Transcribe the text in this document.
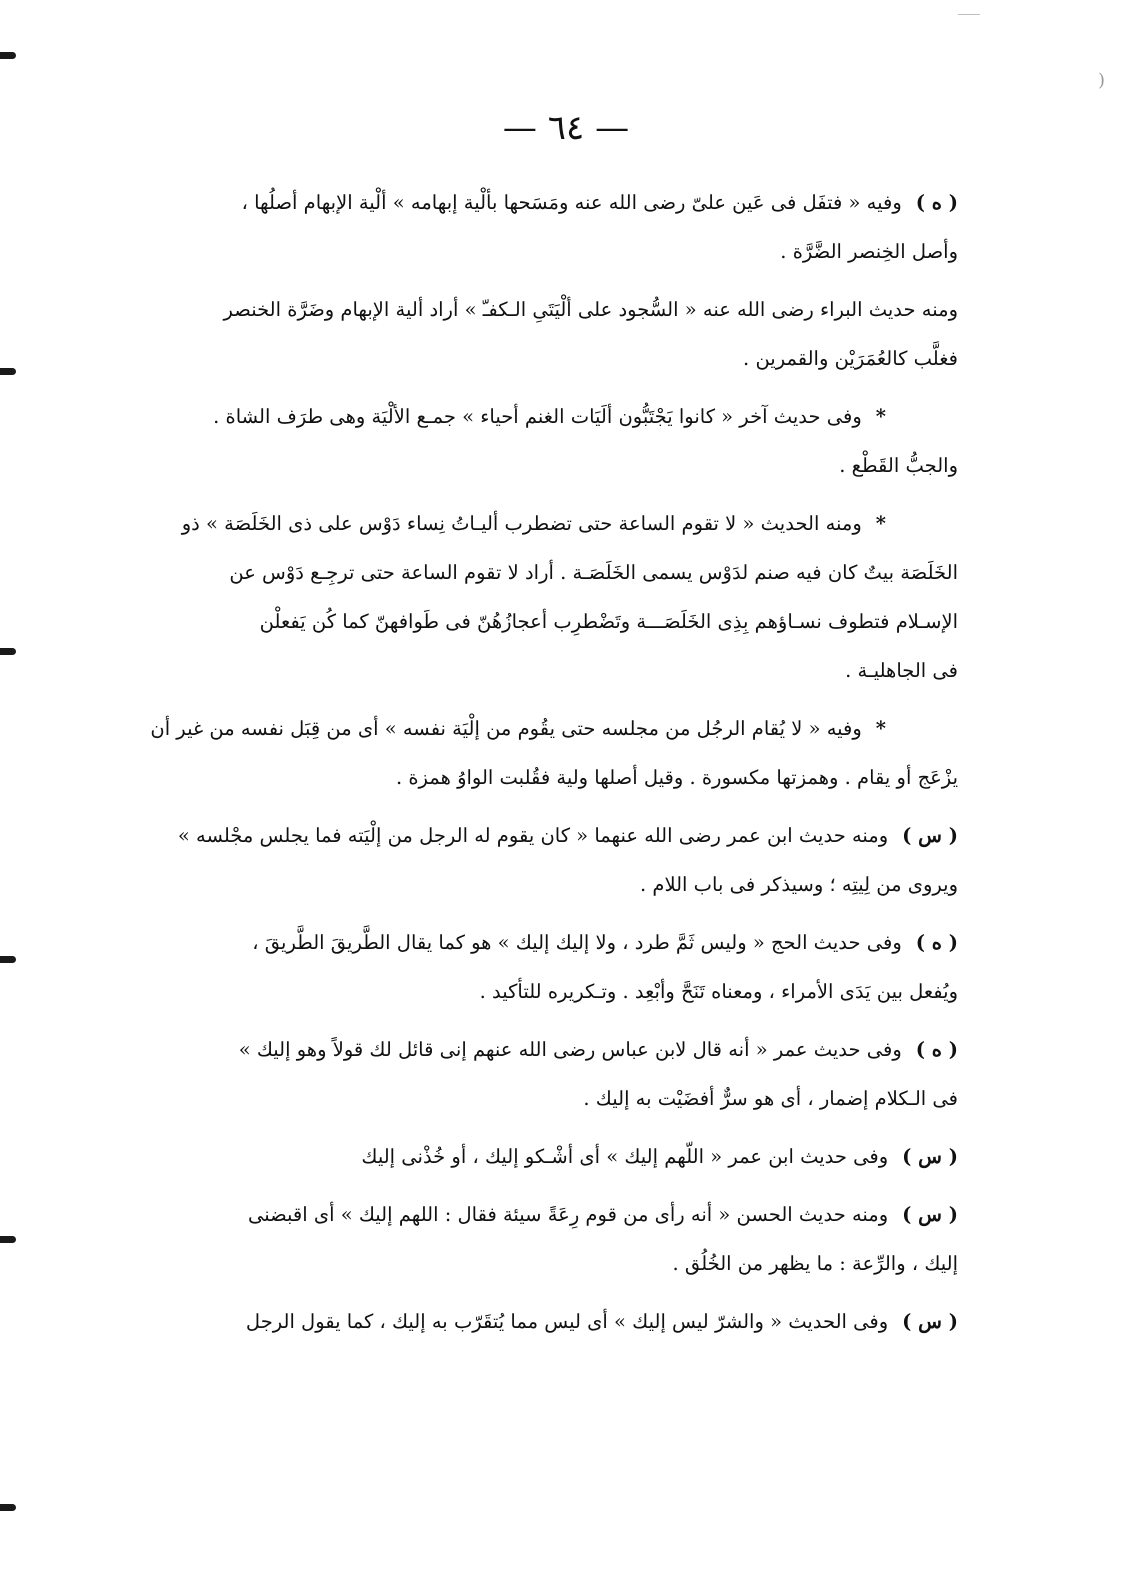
)
— ٦٤ —

( ه )وفيه « فتفَل فى عَين علىّ رضى الله عنه ومَسَحها بألْية إبهامه » ألْية الإبهام أصلُها ،
وأصل الخِنصر الضَّرَّة .

ومنه حديث البراء رضى الله عنه « السُّجود على ألْيَتَىِ الـكفـّ » أراد ألية الإبهام وضَرَّة الخنصر
فغلَّب كالعُمَرَيْن والقمرين .

*وفى حديث آخر « كانوا يَجْتَبُّون ألَيَات الغنم أحياء » جمـع الألْيَة وهى طرَف الشاة .
والجبُّ القَطْع .

*ومنه الحديث « لا تقوم الساعة حتى تضطرب أليـاتُ نِساء دَوْس على ذى الخَلَصَة » ذو
الخَلَصَة بيتٌ كان فيه صنم لدَوْس يسمى الخَلَصَـة . أراد لا تقوم الساعة حتى ترجِـع دَوْس عن
الإسـلام فتطوف نسـاؤهم بِذِى الخَلَصَـــة وتَضْطرِب أعجازُهُنّ فى طَوافهنّ كما كُن يَفعلْن
فى الجاهليـة .

*وفيه « لا يُقام الرجُل من مجلسه حتى يقُوم من إلْيَة نفسه » أى من قِبَل نفسه من غير أن
يزْعَج أو يقام . وهمزتها مكسورة . وقيل أصلها ولية فقُلبت الواوُ همزة .

( س )ومنه حديث ابن عمر رضى الله عنهما « كان يقوم له الرجل من إلْيَته فما يجلس مجْلسه »
ويروى من لِيتِه ؛ وسيذكر فى باب اللام .

( ه )وفى حديث الحج « وليس ثَمَّ طرد ، ولا إليك إليك » هو كما يقال الطَّريقَ الطَّريقَ ،
ويُفعل بين يَدَى الأمراء ، ومعناه تَنَحَّ وأبْعِد . وتـكريره للتأكيد .

( ه )وفى حديث عمر « أنه قال لابن عباس رضى الله عنهم إنى قائل لك قولاً وهو إليك »
فى الـكلام إضمار ، أى هو سرٌّ أفضَيْت به إليك .

( س )وفى حديث ابن عمر « اللّهم إليك » أى أشْـكو إليك ، أو خُذْنى إليك

( س )ومنه حديث الحسن « أنه رأى من قوم رِعَةً سيئة فقال : اللهم إليك » أى اقبضنى
إليك ، والرِّعة : ما يظهر من الخُلُق .

( س )وفى الحديث « والشرّ ليس إليك » أى ليس مما يُتقَرّب به إليك ، كما يقول الرجل
